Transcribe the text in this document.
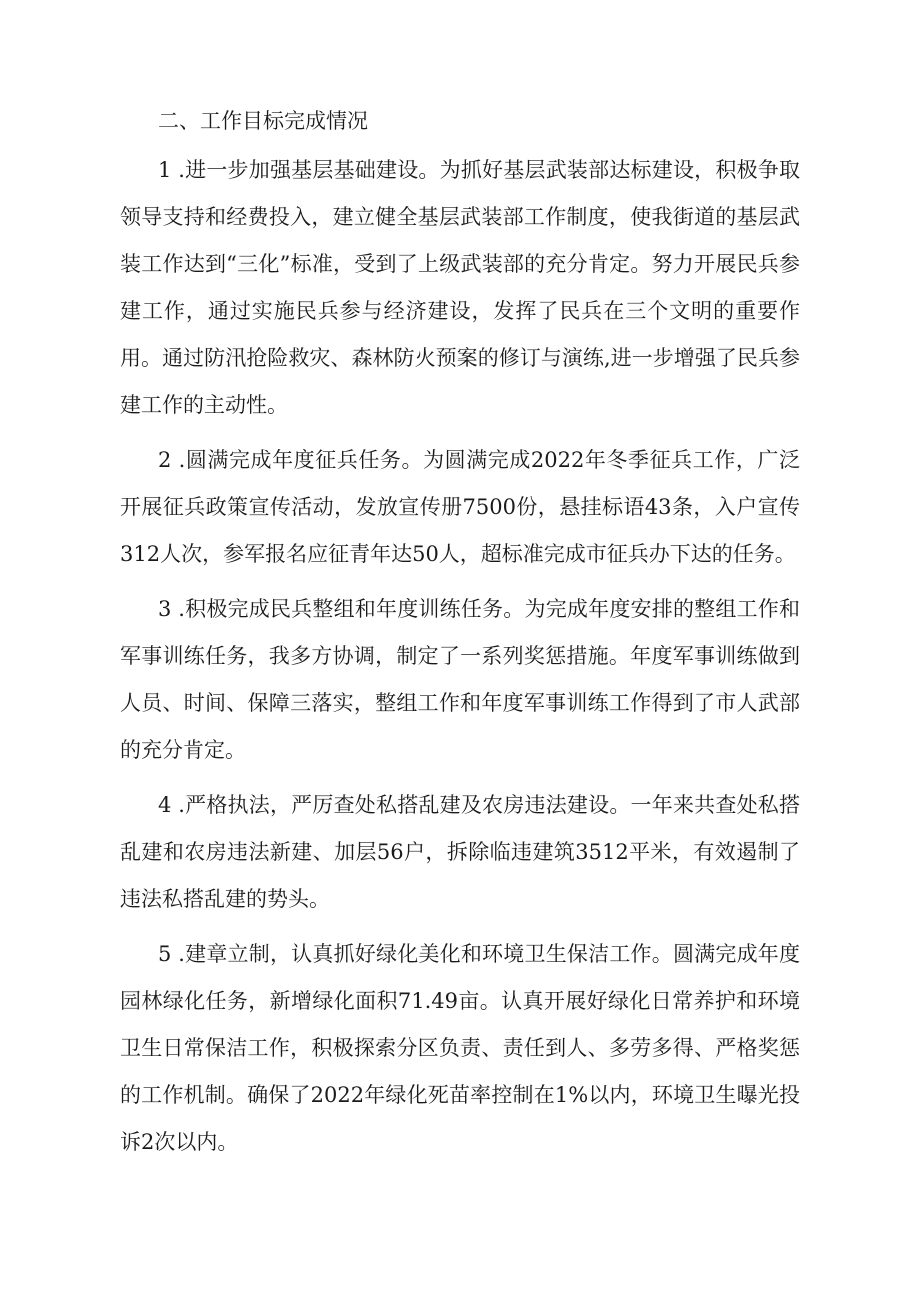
二、工作目标完成情况

1 .进一步加强基层基础建设。为抓好基层武装部达标建设，积极争取领导支持和经费投入，建立健全基层武装部工作制度，使我街道的基层武装工作达到“三化”标准，受到了上级武装部的充分肯定。努力开展民兵参建工作，通过实施民兵参与经济建设，发挥了民兵在三个文明的重要作用。通过防汛抢险救灾、森林防火预案的修订与演练,进一步增强了民兵参建工作的主动性。

2 .圆满完成年度征兵任务。为圆满完成2022年冬季征兵工作，广泛开展征兵政策宣传活动，发放宣传册7500份，悬挂标语43条，入户宣传312人次，参军报名应征青年达50人，超标准完成市征兵办下达的任务。

3 .积极完成民兵整组和年度训练任务。为完成年度安排的整组工作和军事训练任务，我多方协调，制定了一系列奖惩措施。年度军事训练做到人员、时间、保障三落实，整组工作和年度军事训练工作得到了市人武部的充分肯定。

4 .严格执法，严厉查处私搭乱建及农房违法建设。一年来共查处私搭乱建和农房违法新建、加层56户，拆除临违建筑3512平米，有效遏制了违法私搭乱建的势头。

5 .建章立制，认真抓好绿化美化和环境卫生保洁工作。圆满完成年度园林绿化任务，新增绿化面积71.49亩。认真开展好绿化日常养护和环境卫生日常保洁工作，积极探索分区负责、责任到人、多劳多得、严格奖惩的工作机制。确保了2022年绿化死苗率控制在1%以内，环境卫生曝光投诉2次以内。
